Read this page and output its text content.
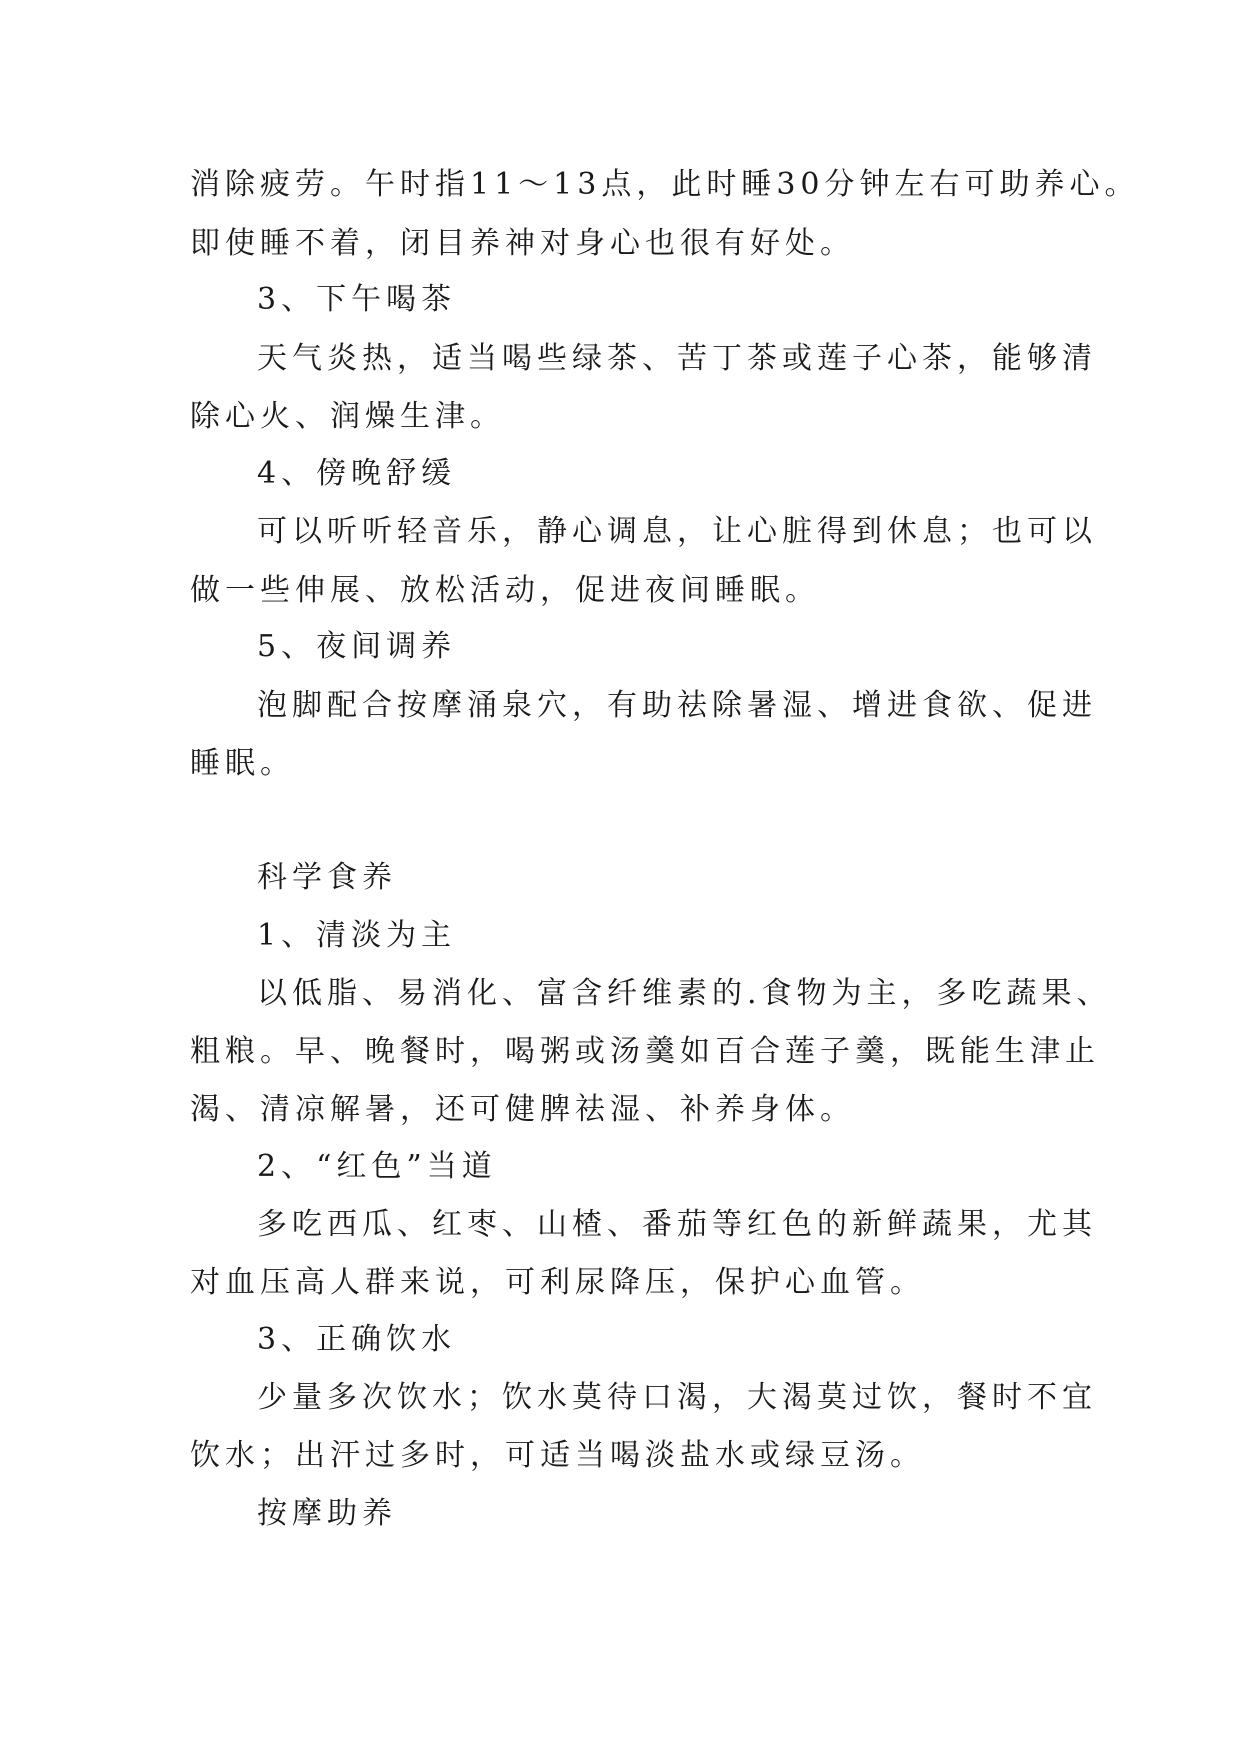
消除疲劳。午时指11～13点，此时睡30分钟左右可助养心。
即使睡不着，闭目养神对身心也很有好处。
3、下午喝茶
天气炎热，适当喝些绿茶、苦丁茶或莲子心茶，能够清
除心火、润燥生津。
4、傍晚舒缓
可以听听轻音乐，静心调息，让心脏得到休息；也可以
做一些伸展、放松活动，促进夜间睡眠。
5、夜间调养
泡脚配合按摩涌泉穴，有助祛除暑湿、增进食欲、促进
睡眠。
科学食养
1、清淡为主
以低脂、易消化、富含纤维素的.食物为主，多吃蔬果、
粗粮。早、晚餐时，喝粥或汤羹如百合莲子羹，既能生津止
渴、清凉解暑，还可健脾祛湿、补养身体。
2、“红色”当道
多吃西瓜、红枣、山楂、番茄等红色的新鲜蔬果，尤其
对血压高人群来说，可利尿降压，保护心血管。
3、正确饮水
少量多次饮水；饮水莫待口渴，大渴莫过饮，餐时不宜
饮水；出汗过多时，可适当喝淡盐水或绿豆汤。
按摩助养
